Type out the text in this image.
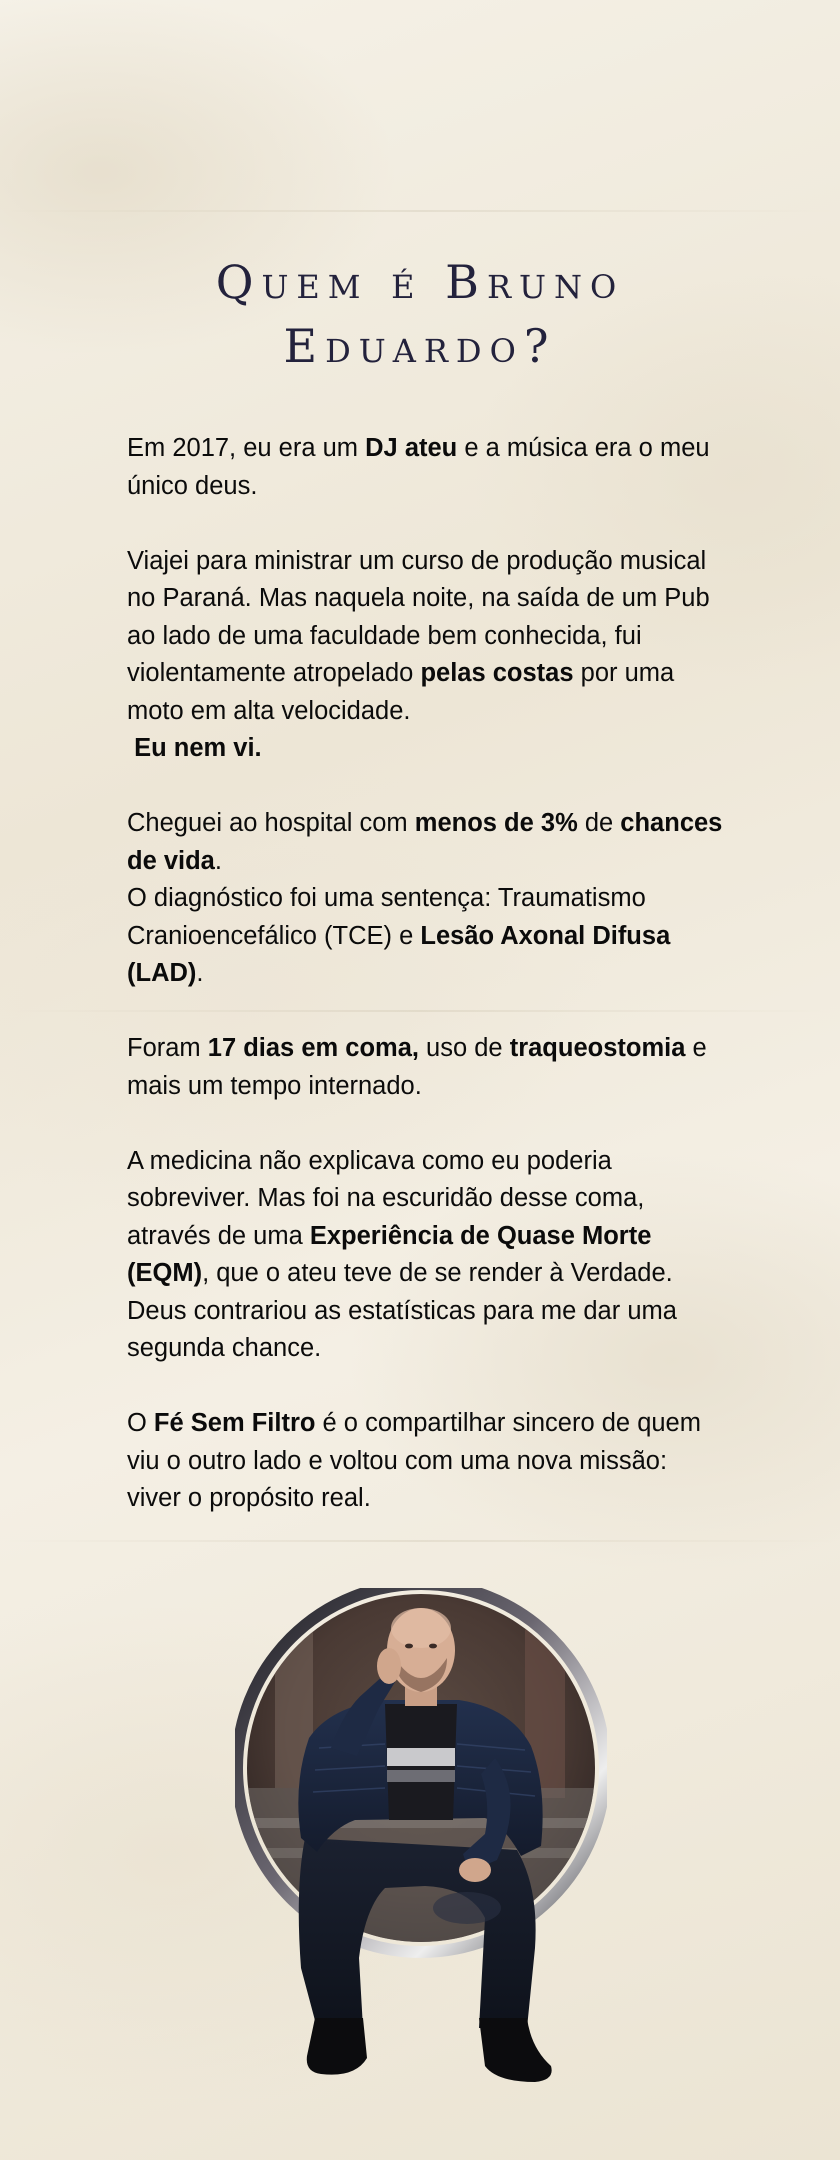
Quem é Bruno
Eduardo?

Em 2017, eu era um DJ ateu e a música era o meu único deus.

Viajei para ministrar um curso de produção musical no Paraná. Mas naquela noite, na saída de um Pub ao lado de uma faculdade bem conhecida, fui violentamente atropelado pelas costas por uma moto em alta velocidade.
Eu nem vi.

Cheguei ao hospital com menos de 3% de chances de vida.
O diagnóstico foi uma sentença: Traumatismo Cranioencefálico (TCE) e Lesão Axonal Difusa (LAD).

Foram 17 dias em coma, uso de traqueostomia e mais um tempo internado.

A medicina não explicava como eu poderia sobreviver. Mas foi na escuridão desse coma, através de uma Experiência de Quase Morte (EQM), que o ateu teve de se render à Verdade. Deus contrariou as estatísticas para me dar uma segunda chance.

O Fé Sem Filtro é o compartilhar sincero de quem viu o outro lado e voltou com uma nova missão: viver o propósito real.
